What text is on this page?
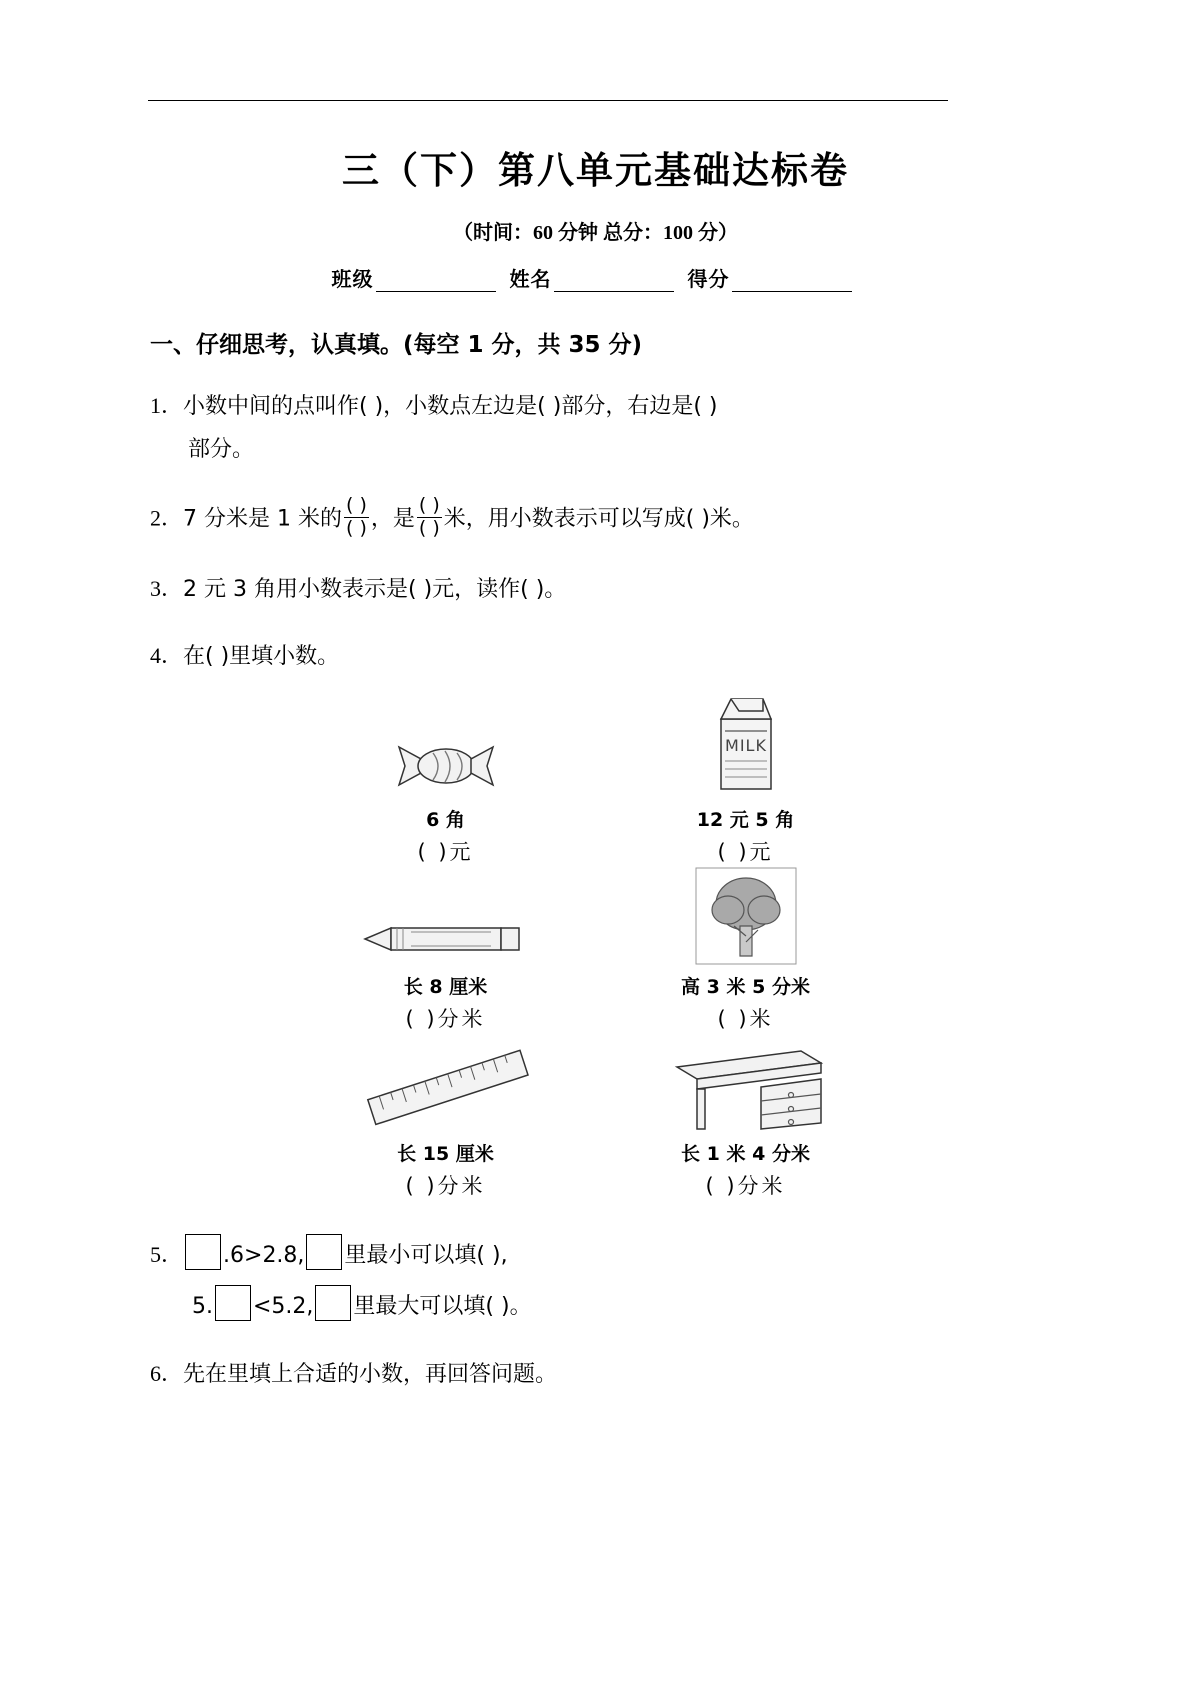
三（下）第八单元基础达标卷
（时间：60 分钟 总分：100 分）
班级	姓名	得分
一、仔细思考，认真填。(每空 1 分，共 35 分)
1．小数中间的点叫作( )，小数点左边是( )部分，右边是( )
部分。
2．7 分米是 1 米的 $\frac{( )}{( )}$ ，是 $\frac{( )}{( )}$ 米，用小数表示可以写成( )米。
3．2 元 3 角用小数表示是( )元，读作( )。
4．在( )里填小数。
6 角
( )元
MILK
12 元 5 角
( )元
长 8 厘米
( )分米
高 3 米 5 分米
( )米
长 15 厘米
( )分米
长 1 米 4 分米
( )分米
5． .6>2.8, 里最小可以填( ),
5. <5.2, 里最大可以填( )。
6．先在里填上合适的小数，再回答问题。
